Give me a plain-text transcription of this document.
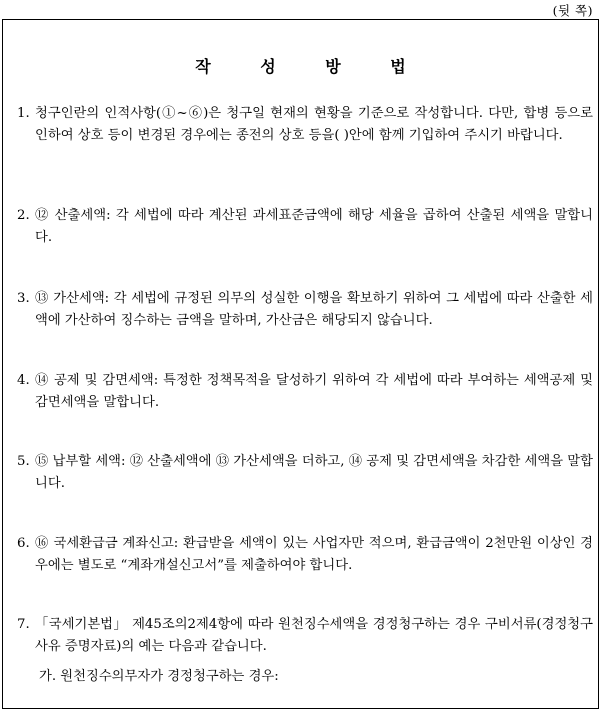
(뒷 쪽)
작 성 방 법
1. 청구인란의 인적사항(①~⑥)은 청구일 현재의 현황을 기준으로 작성합니다. 다만, 합병 등으로 인하여 상호 등이 변경된 경우에는 종전의 상호 등을( )안에 함께 기입하여 주시기 바랍니다.
2. ⑫ 산출세액: 각 세법에 따라 계산된 과세표준금액에 해당 세율을 곱하여 산출된 세액을 말합니다.
3. ⑬ 가산세액: 각 세법에 규정된 의무의 성실한 이행을 확보하기 위하여 그 세법에 따라 산출한 세액에 가산하여 징수하는 금액을 말하며, 가산금은 해당되지 않습니다.
4. ⑭ 공제 및 감면세액: 특정한 정책목적을 달성하기 위하여 각 세법에 따라 부여하는 세액공제 및 감면세액을 말합니다.
5. ⑮ 납부할 세액: ⑫ 산출세액에 ⑬ 가산세액을 더하고, ⑭ 공제 및 감면세액을 차감한 세액을 말합니다.
6. ⑯ 국세환급금 계좌신고: 환급받을 세액이 있는 사업자만 적으며, 환급금액이 2천만원 이상인 경우에는 별도로 “계좌개설신고서”를 제출하여야 합니다.
7. 「국세기본법」 제45조의2제4항에 따라 원천징수세액을 경정청구하는 경우 구비서류(경정청구사유 증명자료)의 예는 다음과 같습니다.
가. 원천징수의무자가 경정청구하는 경우:
